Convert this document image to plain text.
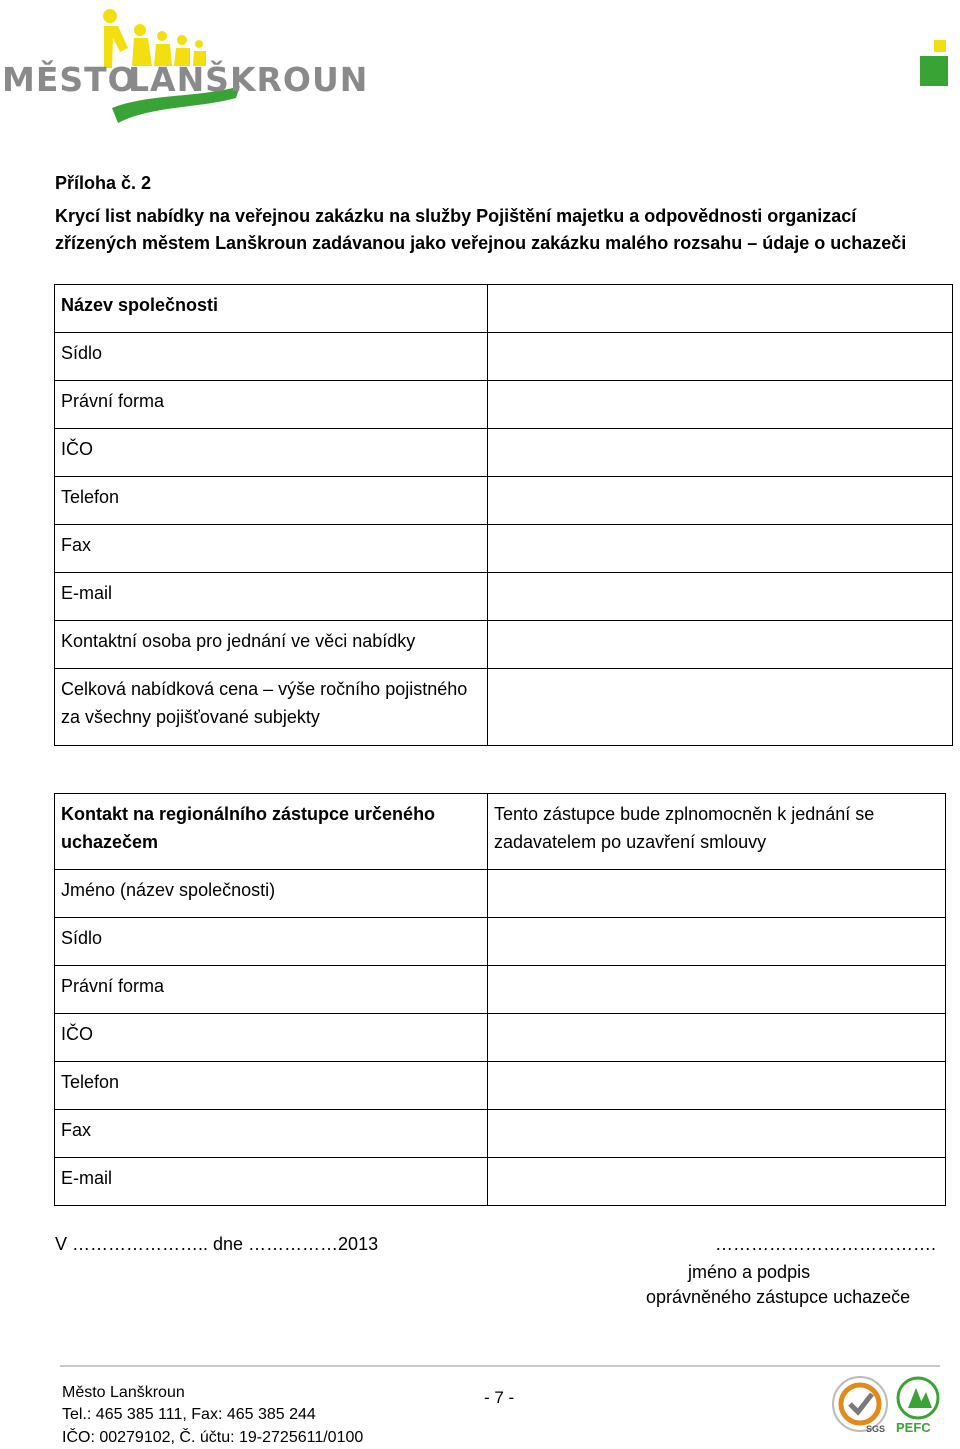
MĚSTO
LANŠKROUN
Příloha č. 2
Krycí list nabídky na veřejnou zakázku na služby Pojištění majetku a odpovědnosti organizací zřízených městem Lanškroun zadávanou jako veřejnou zakázku malého rozsahu – údaje o uchazeči
Název společnosti	
Sídlo	
Právní forma	
IČO	
Telefon	
Fax	
E-mail	
Kontaktní osoba pro jednání ve věci nabídky	
Celková nabídková cena – výše ročního pojistného za všechny pojišťované subjekty	
Kontakt na regionálního zástupce určeného uchazečem	Tento zástupce bude zplnomocněn k jednání se zadavatelem po uzavření smlouvy
Jméno (název společnosti)	
Sídlo	
Právní forma	
IČO	
Telefon	
Fax	
E-mail	
V ………………….. dne ……………2013	……………………………….
jméno a podpis
oprávněného zástupce uchazeče
Město Lanškroun
Tel.: 465 385 111, Fax: 465 385 244
IČO: 00279102, Č. účtu: 19-2725611/0100
- 7 -
SGS PEFC
